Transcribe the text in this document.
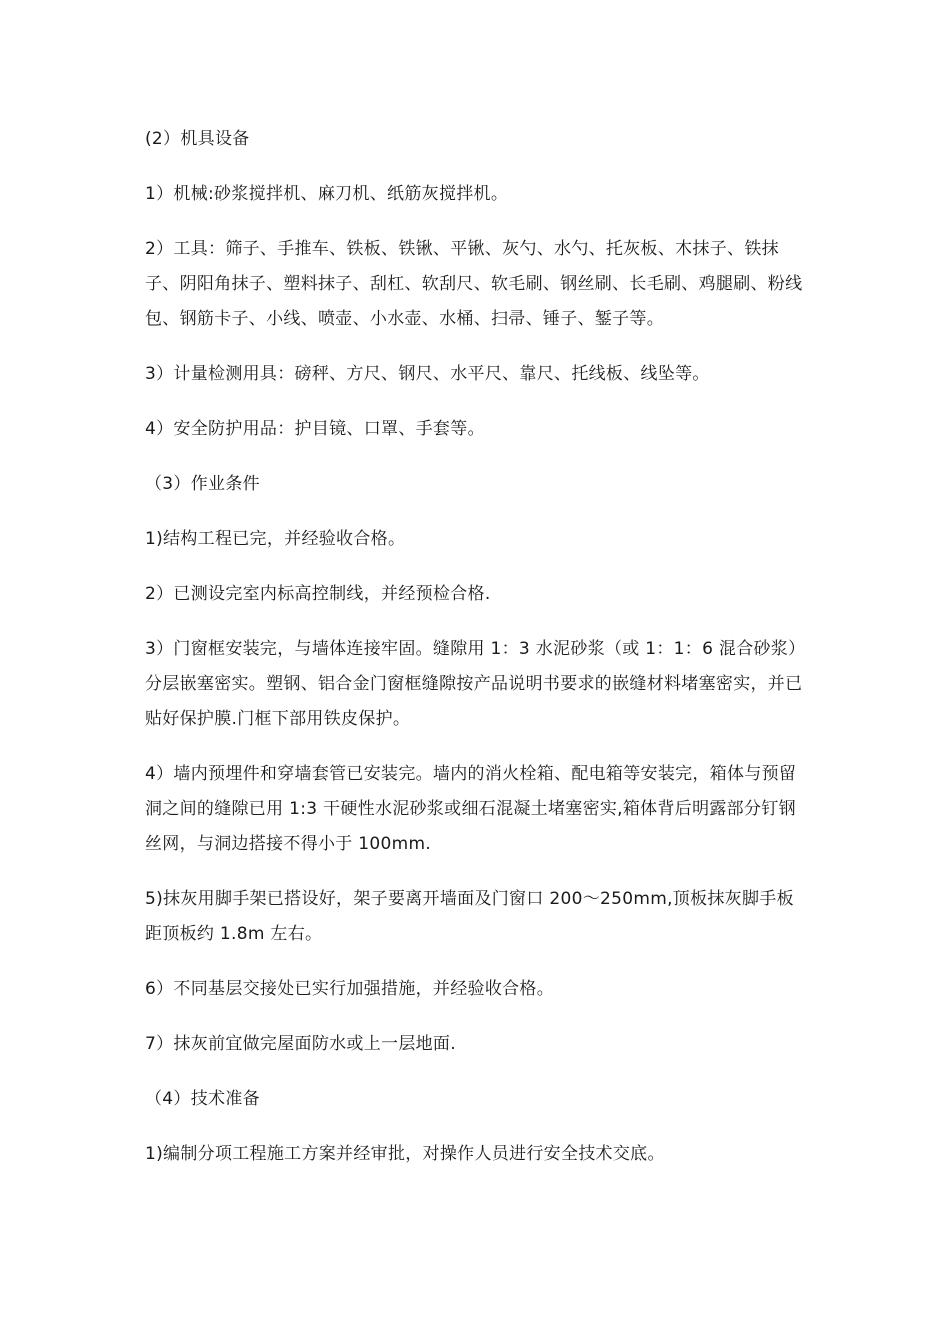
(2）机具设备

1）机械:砂浆搅拌机、麻刀机、纸筋灰搅拌机。

2）工具：筛子、手推车、铁板、铁锹、平锹、灰勺、水勺、托灰板、木抹子、铁抹子、阴阳角抹子、塑料抹子、刮杠、软刮尺、软毛刷、钢丝刷、长毛刷、鸡腿刷、粉线包、钢筋卡子、小线、喷壶、小水壶、水桶、扫帚、锤子、錾子等。

3）计量检测用具：磅秤、方尺、钢尺、水平尺、靠尺、托线板、线坠等。

4）安全防护用品：护目镜、口罩、手套等。

（3）作业条件

1)结构工程已完，并经验收合格。

2）已测设完室内标高控制线，并经预检合格.

3）门窗框安装完，与墙体连接牢固。缝隙用 1：3 水泥砂浆（或 1：1：6 混合砂浆）分层嵌塞密实。塑钢、铝合金门窗框缝隙按产品说明书要求的嵌缝材料堵塞密实，并已贴好保护膜.门框下部用铁皮保护。

4）墙内预埋件和穿墙套管已安装完。墙内的消火栓箱、配电箱等安装完，箱体与预留洞之间的缝隙已用 1:3 干硬性水泥砂浆或细石混凝土堵塞密实,箱体背后明露部分钉钢丝网，与洞边搭接不得小于 100mm.

5)抹灰用脚手架已搭设好，架子要离开墙面及门窗口 200～250mm,顶板抹灰脚手板距顶板约 1.8m 左右。

6）不同基层交接处已实行加强措施，并经验收合格。

7）抹灰前宜做完屋面防水或上一层地面.

（4）技术准备

1)编制分项工程施工方案并经审批，对操作人员进行安全技术交底。
